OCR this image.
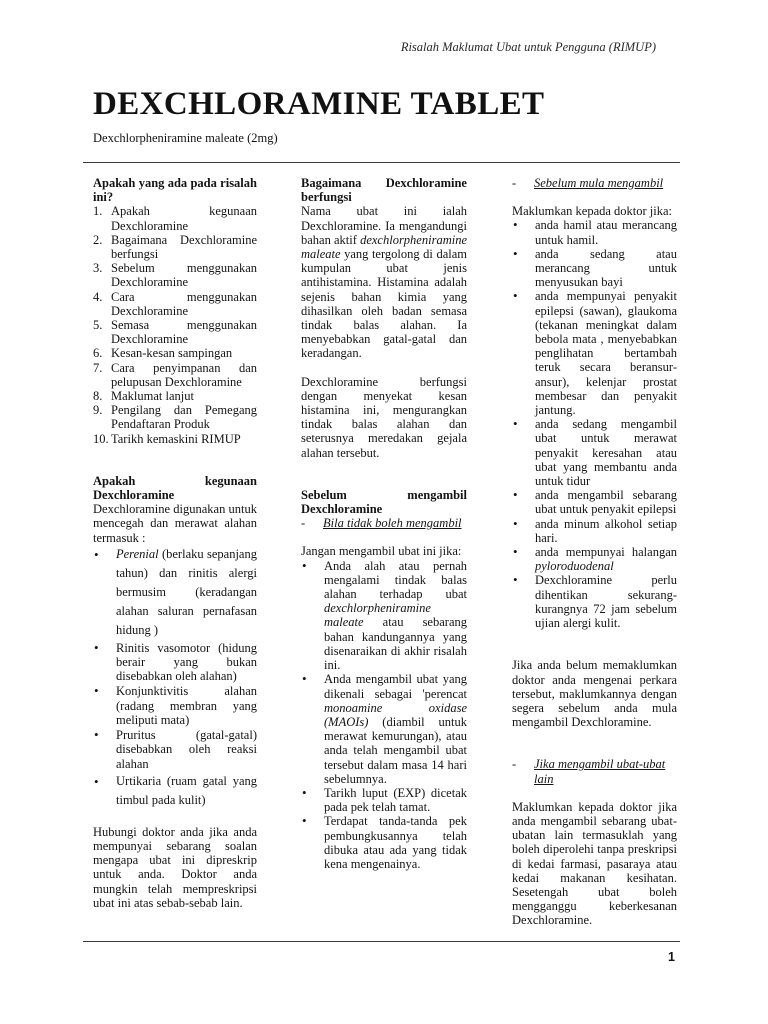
Risalah Maklumat Ubat untuk Pengguna (RIMUP)
DEXCHLORAMINE TABLET
Dexchlorpheniramine maleate (2mg)
Apakah yang ada pada risalah ini?
1. Apakah kegunaan Dexchloramine
2. Bagaimana Dexchloramine berfungsi
3. Sebelum menggunakan Dexchloramine
4. Cara menggunakan Dexchloramine
5. Semasa menggunakan Dexchloramine
6. Kesan-kesan sampingan
7. Cara penyimpanan dan pelupusan Dexchloramine
8. Maklumat lanjut
9. Pengilang dan Pemegang Pendaftaran Produk
10. Tarikh kemaskini RIMUP
Apakah kegunaan Dexchloramine

Dexchloramine digunakan untuk mencegah dan merawat alahan termasuk :

• Perenial (berlaku sepanjang tahun) dan rinitis alergi bermusim (keradangan alahan saluran pernafasan hidung )
• Rinitis vasomotor (hidung berair yang bukan disebabkan oleh alahan)
• Konjunktivitis alahan (radang membran yang meliputi mata)
• Pruritus (gatal-gatal) disebabkan oleh reaksi alahan
• Urtikaria (ruam gatal yang timbul pada kulit)

Hubungi doktor anda jika anda mempunyai sebarang soalan mengapa ubat ini dipreskrip untuk anda. Doktor anda mungkin telah mempreskripsi ubat ini atas sebab-sebab lain.

Bagaimana Dexchloramine berfungsi

Nama ubat ini ialah Dexchloramine. Ia mengandungi bahan aktif dexchlorpheniramine maleate yang tergolong di dalam kumpulan ubat jenis antihistamina. Histamina adalah sejenis bahan kimia yang dihasilkan oleh badan semasa tindak balas alahan. Ia menyebabkan gatal-gatal dan keradangan.

Dexchloramine berfungsi dengan menyekat kesan histamina ini, mengurangkan tindak balas alahan dan seterusnya meredakan gejala alahan tersebut.

Sebelum mengambil Dexchloramine
- Bila tidak boleh mengambil

Jangan mengambil ubat ini jika:

• Anda alah atau pernah mengalami tindak balas alahan terhadap ubat dexchlorpheniramine maleate atau sebarang bahan kandungannya yang disenaraikan di akhir risalah ini.
• Anda mengambil ubat yang dikenali sebagai 'perencat monoamine oxidase (MAOIs) (diambil untuk merawat kemurungan), atau anda telah mengambil ubat tersebut dalam masa 14 hari sebelumnya.
• Tarikh luput (EXP) dicetak pada pek telah tamat.
• Terdapat tanda-tanda pek pembungkusannya telah dibuka atau ada yang tidak kena mengenainya.
- Sebelum mula mengambil

Maklumkan kepada doktor jika:

• anda hamil atau merancang untuk hamil.
• anda sedang atau merancang untuk menyusukan bayi
• anda mempunyai penyakit epilepsi (sawan), glaukoma (tekanan meningkat dalam bebola mata , menyebabkan penglihatan bertambah teruk secara beransur-ansur), kelenjar prostat membesar dan penyakit jantung.
• anda sedang mengambil ubat untuk merawat penyakit keresahan atau ubat yang membantu anda untuk tidur
• anda mengambil sebarang ubat untuk penyakit epilepsi
• anda minum alkohol setiap hari.
• anda mempunyai halangan pyloroduodenal
• Dexchloramine perlu dihentikan sekurang-kurangnya 72 jam sebelum ujian alergi kulit.

Jika anda belum memaklumkan doktor anda mengenai perkara tersebut, maklumkannya dengan segera sebelum anda mula mengambil Dexchloramine.

-	Jika mengambil ubat-ubat lain

Maklumkan kepada doktor jika anda mengambil sebarang ubat-ubatan lain termasuklah yang boleh diperolehi tanpa preskripsi di kedai farmasi, pasaraya atau kedai makanan kesihatan. Sesetengah ubat boleh mengganggu keberkesanan Dexchloramine.

1
